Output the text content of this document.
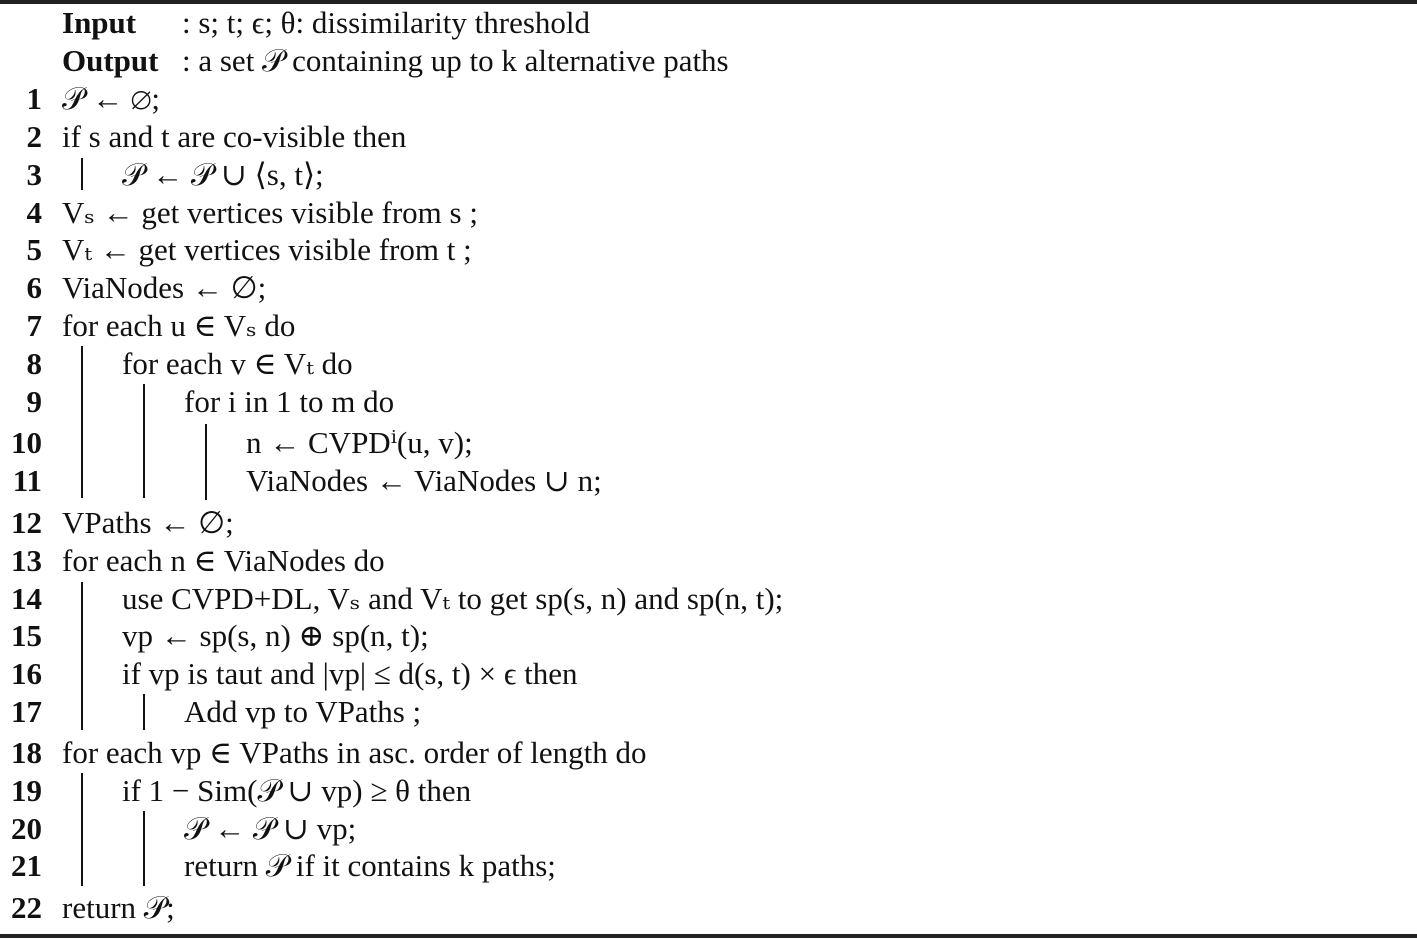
Input : s; t; ϵ; θ: dissimilarity threshold
Output : a set 𝒫 containing up to k alternative paths
1 𝒫 ← ∅;
2 if s and t are co-visible then
3	𝒫 ← 𝒫 ∪ ⟨s, t⟩;
4 Vₛ ← get vertices visible from s ;
5 Vₜ ← get vertices visible from t ;
6 ViaNodes ← ∅;
7 for each u ∈ Vₛ do
8	for each v ∈ Vₜ do
9	for i in 1 to m do
10	n ← CVPDⁱ(u, v);
11	ViaNodes ← ViaNodes ∪ n;
12 VPaths ← ∅;
13 for each n ∈ ViaNodes do
14	use CVPD+DL, Vₛ and Vₜ to get sp(s, n) and sp(n, t);
15	vp ← sp(s, n) ⊕ sp(n, t);
16	if vp is taut and |vp| ≤ d(s, t) × ϵ then
17	Add vp to VPaths ;
18 for each vp ∈ VPaths in asc. order of length do
19	if 1 − Sim(𝒫 ∪ vp) ≥ θ then
20	𝒫 ← 𝒫 ∪ vp;
21	return 𝒫 if it contains k paths;
22 return 𝒫;
